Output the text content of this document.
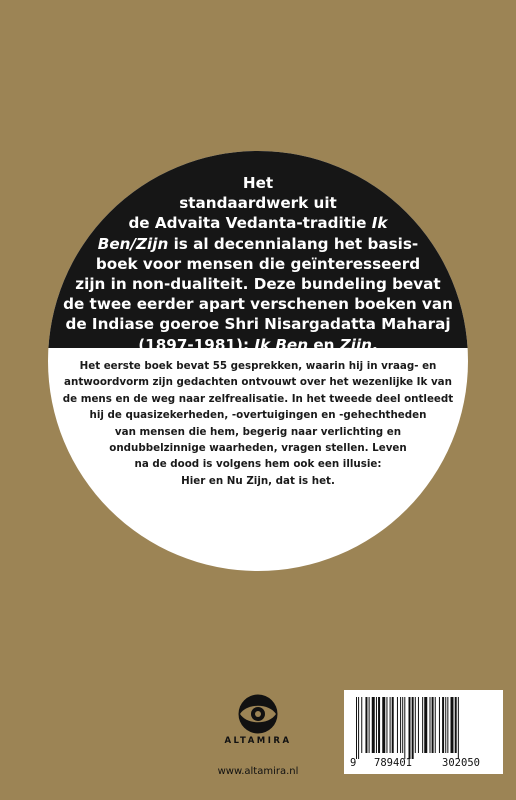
Het
standaardwerk uit
de Advaita Vedanta-traditie Ik
Ben/Zijn is al decennialang het basis-
boek voor mensen die geïnteresseerd
zijn in non-dualiteit. Deze bundeling bevat
de twee eerder apart verschenen boeken van
de Indiase goeroe Shri Nisargadatta Maharaj
(1897-1981): Ik Ben en Zijn.

Het eerste boek bevat 55 gesprekken, waarin hij in vraag- en
antwoordvorm zijn gedachten ontvouwt over het wezenlijke Ik van
de mens en de weg naar zelfrealisatie. In het tweede deel ontleedt
hij de quasizekerheden, -overtuigingen en -gehechtheden
van mensen die hem, begerig naar verlichting en
ondubbelzinnige waarheden, vragen stellen. Leven
na de dood is volgens hem ook een illusie:
Hier en Nu Zijn, dat is het.

ALTAMIRA
www.altamira.nl
9 789401	302050
